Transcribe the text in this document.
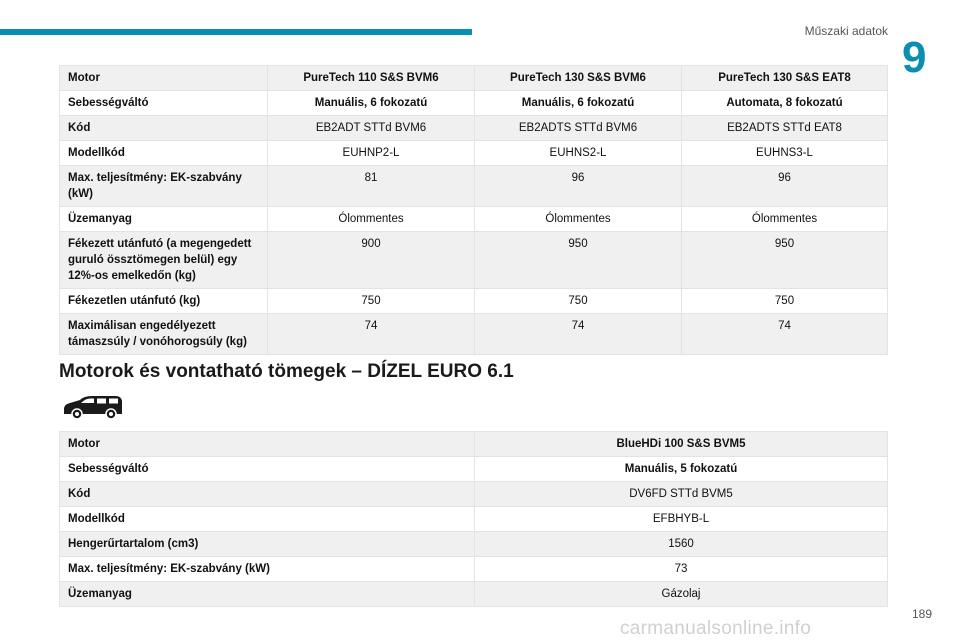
Műszaki adatok
9
Motor	PureTech 110 S&S BVM6	PureTech 130 S&S BVM6	PureTech 130 S&S EAT8
Sebességváltó	Manuális, 6 fokozatú	Manuális, 6 fokozatú	Automata, 8 fokozatú
Kód	EB2ADT STTd BVM6	EB2ADTS STTd BVM6	EB2ADTS STTd EAT8
Modellkód	EUHNP2-L	EUHNS2-L	EUHNS3-L
Max. teljesítmény: EK-szabvány (kW)	81	96	96
Üzemanyag	Ólommentes	Ólommentes	Ólommentes
Fékezett utánfutó (a megengedett guruló össztömegen belül) egy 12%-os emelkedőn (kg)	900	950	950
Fékezetlen utánfutó (kg)	750	750	750
Maximálisan engedélyezett támaszsúly / vonóhorogsúly (kg)	74	74	74
Motorok és vontatható tömegek – DÍZEL EURO 6.1
Motor	BlueHDi 100 S&S BVM5
Sebességváltó	Manuális, 5 fokozatú
Kód	DV6FD STTd BVM5
Modellkód	EFBHYB-L
Hengerűrtartalom (cm3)	1560
Max. teljesítmény: EK-szabvány (kW)	73
Üzemanyag	Gázolaj
189
carmanualsonline.info
